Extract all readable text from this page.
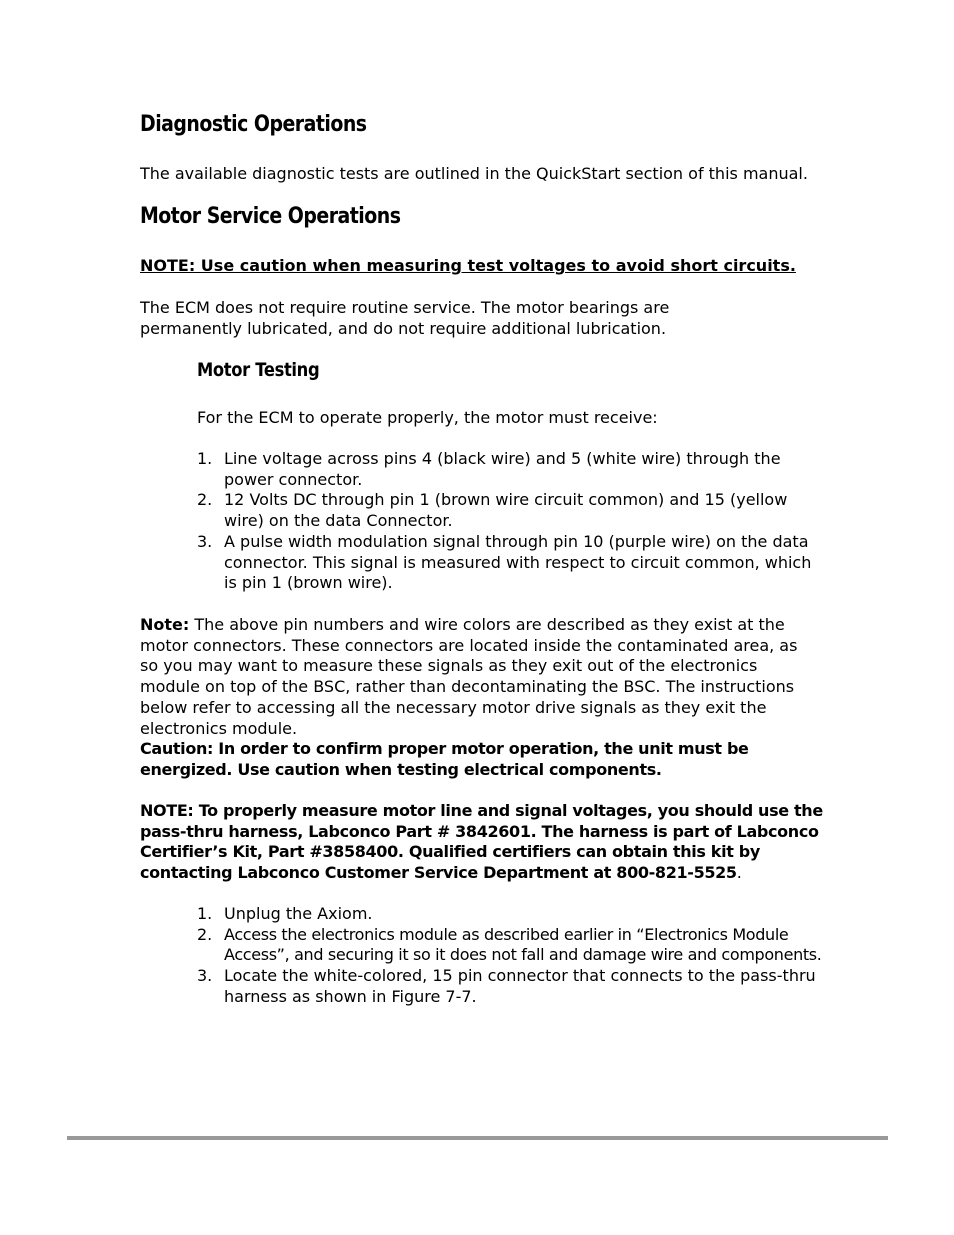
Diagnostic Operations
The available diagnostic tests are outlined in the QuickStart section of this manual.
Motor Service Operations
NOTE: Use caution when measuring test voltages to avoid short circuits.
The ECM does not require routine service. The motor bearings are permanently lubricated, and do not require additional lubrication.
Motor Testing
For the ECM to operate properly, the motor must receive:
1. Line voltage across pins 4 (black wire) and 5 (white wire) through the power connector.
2. 12 Volts DC through pin 1 (brown wire circuit common) and 15 (yellow wire) on the data Connector.
3. A pulse width modulation signal through pin 10 (purple wire) on the data connector. This signal is measured with respect to circuit common, which is pin 1 (brown wire).
Note: The above pin numbers and wire colors are described as they exist at the motor connectors. These connectors are located inside the contaminated area, as so you may want to measure these signals as they exit out of the electronics module on top of the BSC, rather than decontaminating the BSC. The instructions below refer to accessing all the necessary motor drive signals as they exit the electronics module.
Caution: In order to confirm proper motor operation, the unit must be energized. Use caution when testing electrical components.
NOTE: To properly measure motor line and signal voltages, you should use the pass-thru harness, Labconco Part # 3842601. The harness is part of Labconco Certifier’s Kit, Part #3858400. Qualified certifiers can obtain this kit by contacting Labconco Customer Service Department at 800-821-5525.
1. Unplug the Axiom.
2. Access the electronics module as described earlier in “Electronics Module Access”, and securing it so it does not fall and damage wire and components.
3. Locate the white-colored, 15 pin connector that connects to the pass-thru harness as shown in Figure 7-7.
